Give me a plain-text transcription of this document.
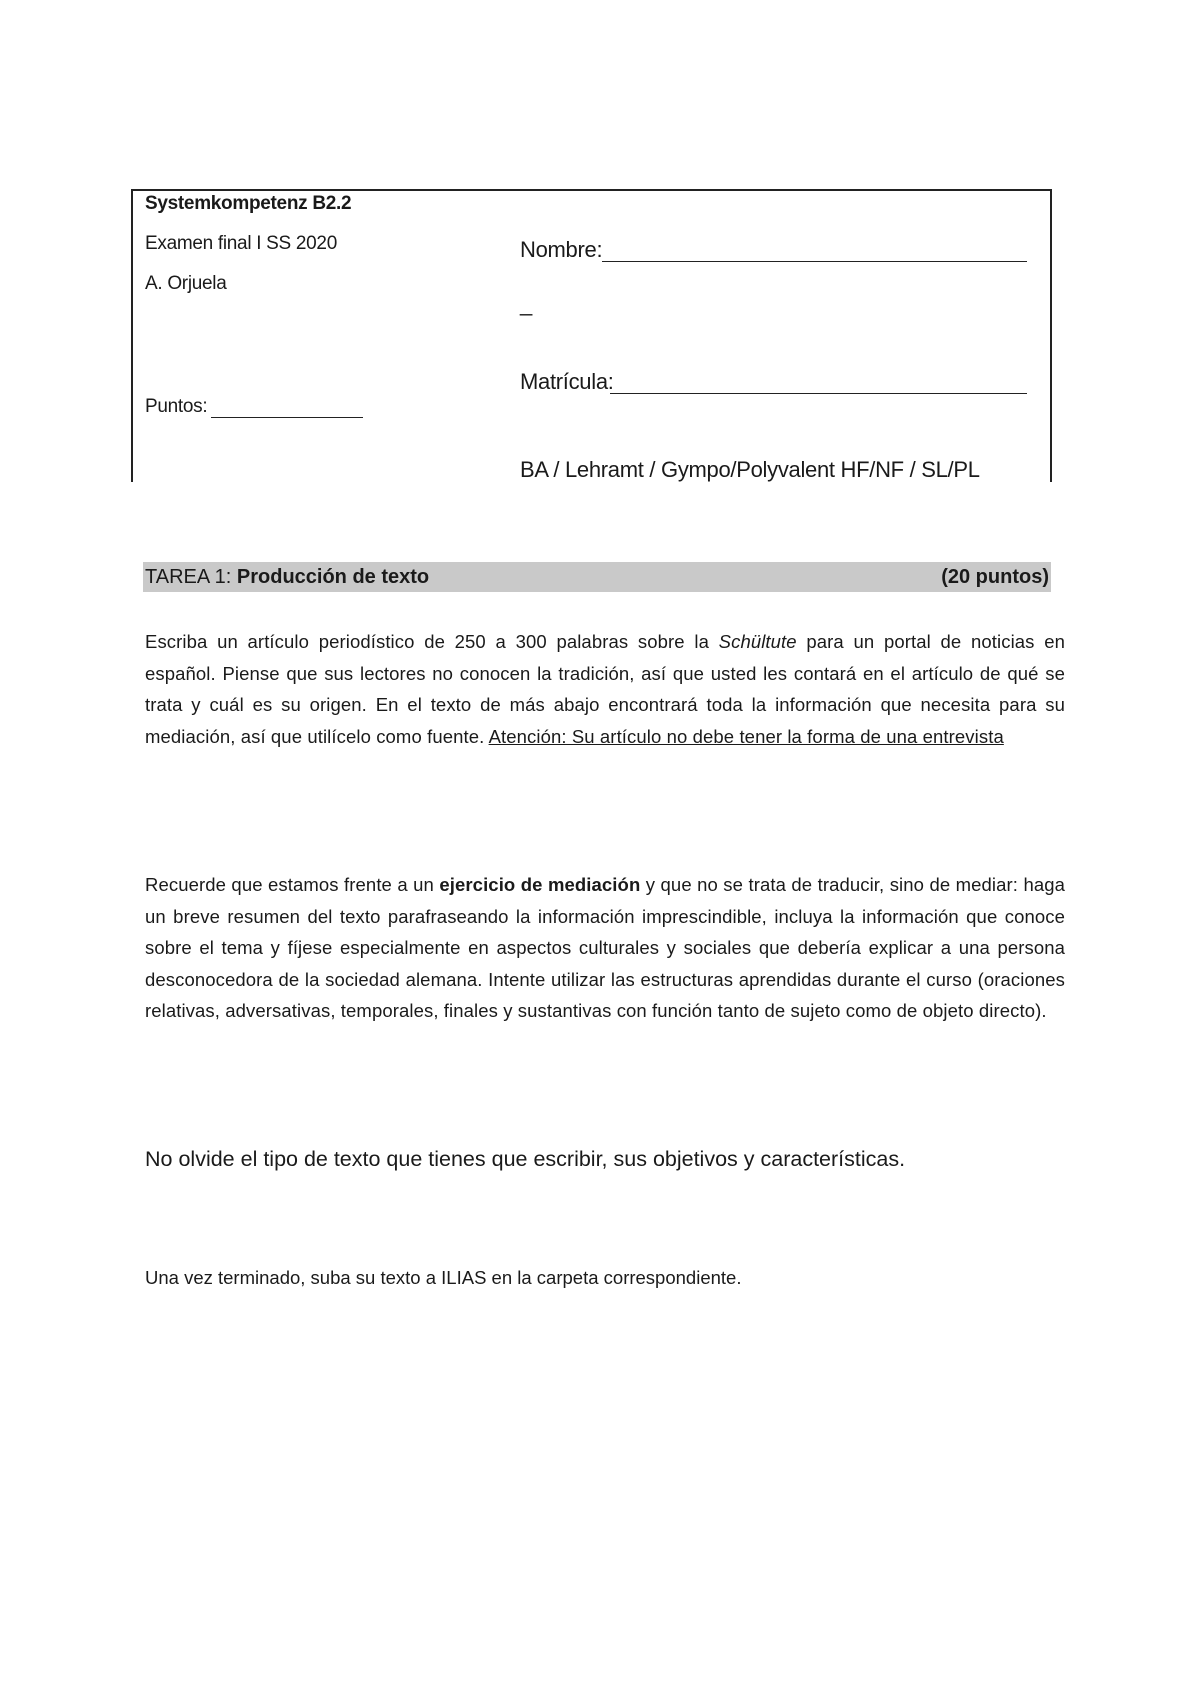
Systemkompetenz B2.2
Examen final I SS 2020
A. Orjuela
Puntos:
Nombre:
_
Matrícula:
BA / Lehramt / Gympo/Polyvalent HF/NF / SL/PL
TAREA 1: Producción de texto	(20 puntos)
Escriba un artículo periodístico de 250 a 300 palabras sobre la Schültute para un portal de noticias en español. Piense que sus lectores no conocen la tradición, así que usted les contará en el artículo de qué se trata y cuál es su origen. En el texto de más abajo encontrará toda la información que necesita para su mediación, así que utilícelo como fuente. Atención: Su artículo no debe tener la forma de una entrevista
Recuerde que estamos frente a un ejercicio de mediación y que no se trata de traducir, sino de mediar: haga un breve resumen del texto parafraseando la información imprescindible, incluya la información que conoce sobre el tema y fíjese especialmente en aspectos culturales y sociales que debería explicar a una persona desconocedora de la sociedad alemana. Intente utilizar las estructuras aprendidas durante el curso (oraciones relativas, adversativas, temporales, finales y sustantivas con función tanto de sujeto como de objeto directo).
No olvide el tipo de texto que tienes que escribir, sus objetivos y características.
Una vez terminado, suba su texto a ILIAS en la carpeta correspondiente.
